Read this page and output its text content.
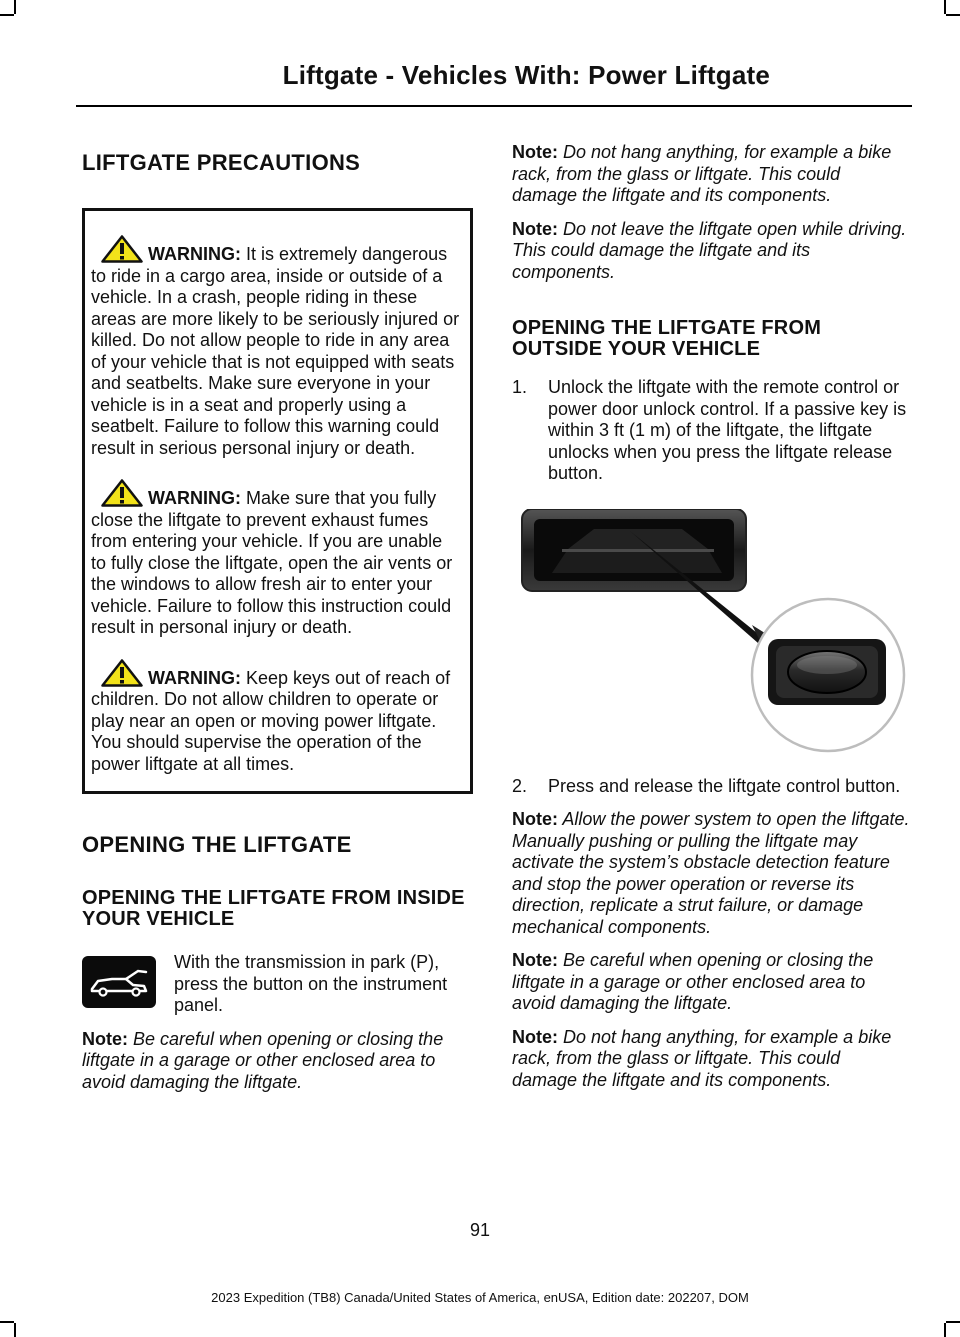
Liftgate - Vehicles With: Power Liftgate
LIFTGATE PRECAUTIONS

WARNING: It is extremely dangerous to ride in a cargo area, inside or outside of a vehicle. In a crash, people riding in these areas are more likely to be seriously injured or killed. Do not allow people to ride in any area of your vehicle that is not equipped with seats and seatbelts. Make sure everyone in your vehicle is in a seat and properly using a seatbelt. Failure to follow this warning could result in serious personal injury or death.

WARNING: Make sure that you fully close the liftgate to prevent exhaust fumes from entering your vehicle. If you are unable to fully close the liftgate, open the air vents or the windows to allow fresh air to enter your vehicle. Failure to follow this instruction could result in personal injury or death.

WARNING: Keep keys out of reach of children. Do not allow children to operate or play near an open or moving power liftgate. You should supervise the operation of the power liftgate at all times.

OPENING THE LIFTGATE
OPENING THE LIFTGATE FROM INSIDE YOUR VEHICLE

With the transmission in park (P), press the button on the instrument panel.

Note: Be careful when opening or closing the liftgate in a garage or other enclosed area to avoid damaging the liftgate.

Note: Do not hang anything, for example a bike rack, from the glass or liftgate. This could damage the liftgate and its components.

Note: Do not leave the liftgate open while driving. This could damage the liftgate and its components.

OPENING THE LIFTGATE FROM OUTSIDE YOUR VEHICLE
1. Unlock the liftgate with the remote control or power door unlock control. If a passive key is within 3 ft (1 m) of the liftgate, the liftgate unlocks when you press the liftgate release button.
2. Press and release the liftgate control button.

Note: Allow the power system to open the liftgate. Manually pushing or pulling the liftgate may activate the system’s obstacle detection feature and stop the power operation or reverse its direction, replicate a strut failure, or damage mechanical components.

Note: Be careful when opening or closing the liftgate in a garage or other enclosed area to avoid damaging the liftgate.

Note: Do not hang anything, for example a bike rack, from the glass or liftgate. This could damage the liftgate and its components.

91
2023 Expedition (TB8) Canada/United States of America, enUSA, Edition date: 202207, DOM
